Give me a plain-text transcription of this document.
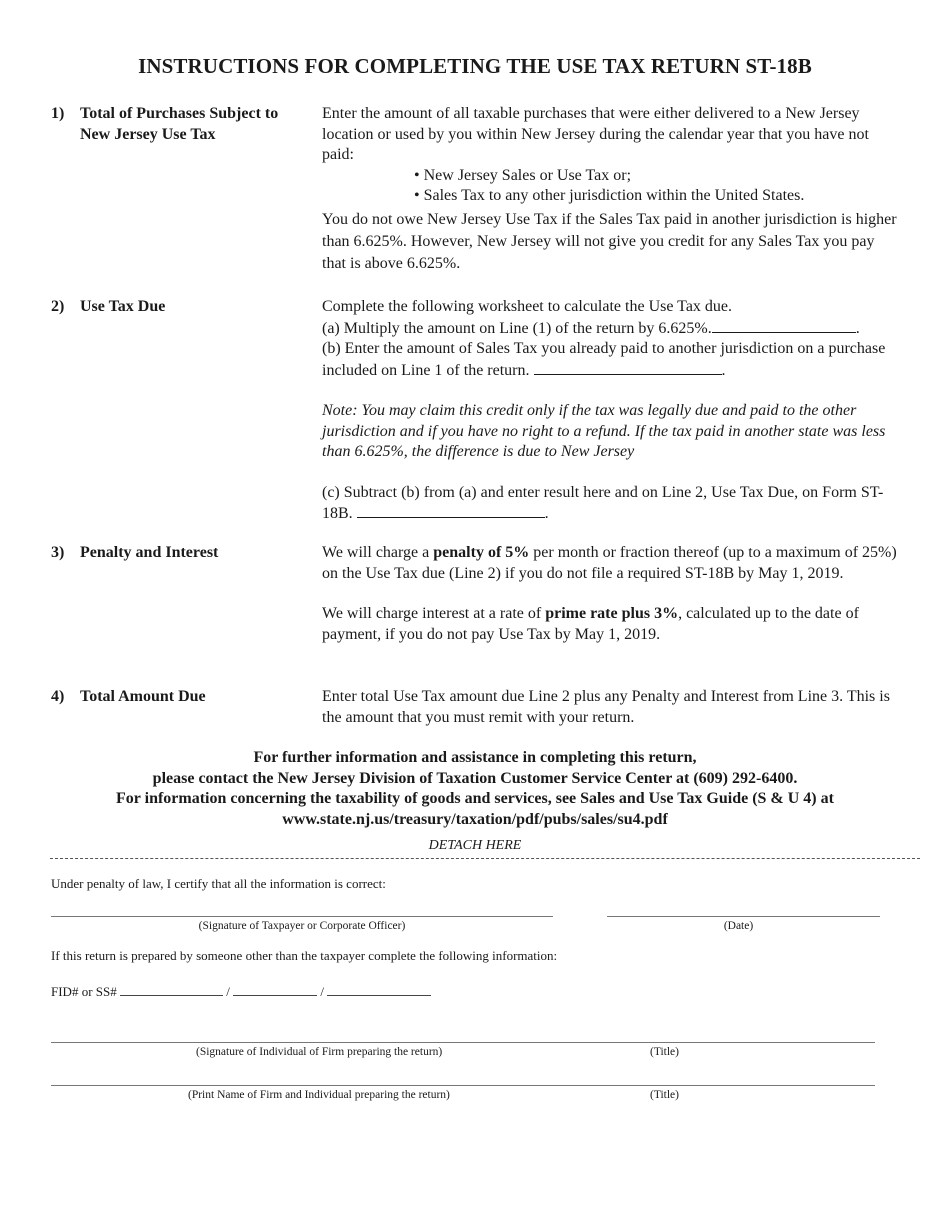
INSTRUCTIONS FOR COMPLETING THE USE TAX RETURN ST-18B
1) Total of Purchases Subject to New Jersey Use Tax

Enter the amount of all taxable purchases that were either delivered to a New Jersey location or used by you within New Jersey during the calendar year that you have not paid:

• New Jersey Sales or Use Tax or;

• Sales Tax to any other jurisdiction within the United States.

You do not owe New Jersey Use Tax if the Sales Tax paid in another jurisdiction is higher than 6.625%. However, New Jersey will not give you credit for any Sales Tax you pay that is above 6.625%.

2) Use Tax Due	Complete the following worksheet to calculate the Use Tax due.

(a) Multiply the amount on Line (1) of the return by 6.625%.	.

(b) Enter the amount of Sales Tax you already paid to another jurisdiction on a purchase included on Line 1 of the return.	.

Note: You may claim this credit only if the tax was legally due and paid to the other jurisdiction and if you have no right to a refund. If the tax paid in another state was less than 6.625%, the difference is due to New Jersey

(c) Subtract (b) from (a) and enter result here and on Line 2, Use Tax Due, on Form ST-18B.	.

3) Penalty and Interest	We will charge a penalty of 5% per month or fraction thereof (up to a maximum of 25%) on the Use Tax due (Line 2) if you do not file a required ST-18B by May 1, 2019.

We will charge interest at a rate of prime rate plus 3%, calculated up to the date of payment, if you do not pay Use Tax by May 1, 2019.

4) Total Amount Due	Enter total Use Tax amount due Line 2 plus any Penalty and Interest from Line 3. This is the amount that you must remit with your return.

For further information and assistance in completing this return,
please contact the New Jersey Division of Taxation Customer Service Center at (609) 292-6400.
For information concerning the taxability of goods and services, see Sales and Use Tax Guide (S & U 4) at
www.state.nj.us/treasury/taxation/pdf/pubs/sales/su4.pdf
DETACH HERE
Under penalty of law, I certify that all the information is correct:
(Signature of Taxpayer or Corporate Officer)	(Date)
If this return is prepared by someone other than the taxpayer complete the following information:
FID# or SS#	/	/
(Signature of Individual of Firm preparing the return)	(Title)
(Print Name of Firm and Individual preparing the return)	(Title)
